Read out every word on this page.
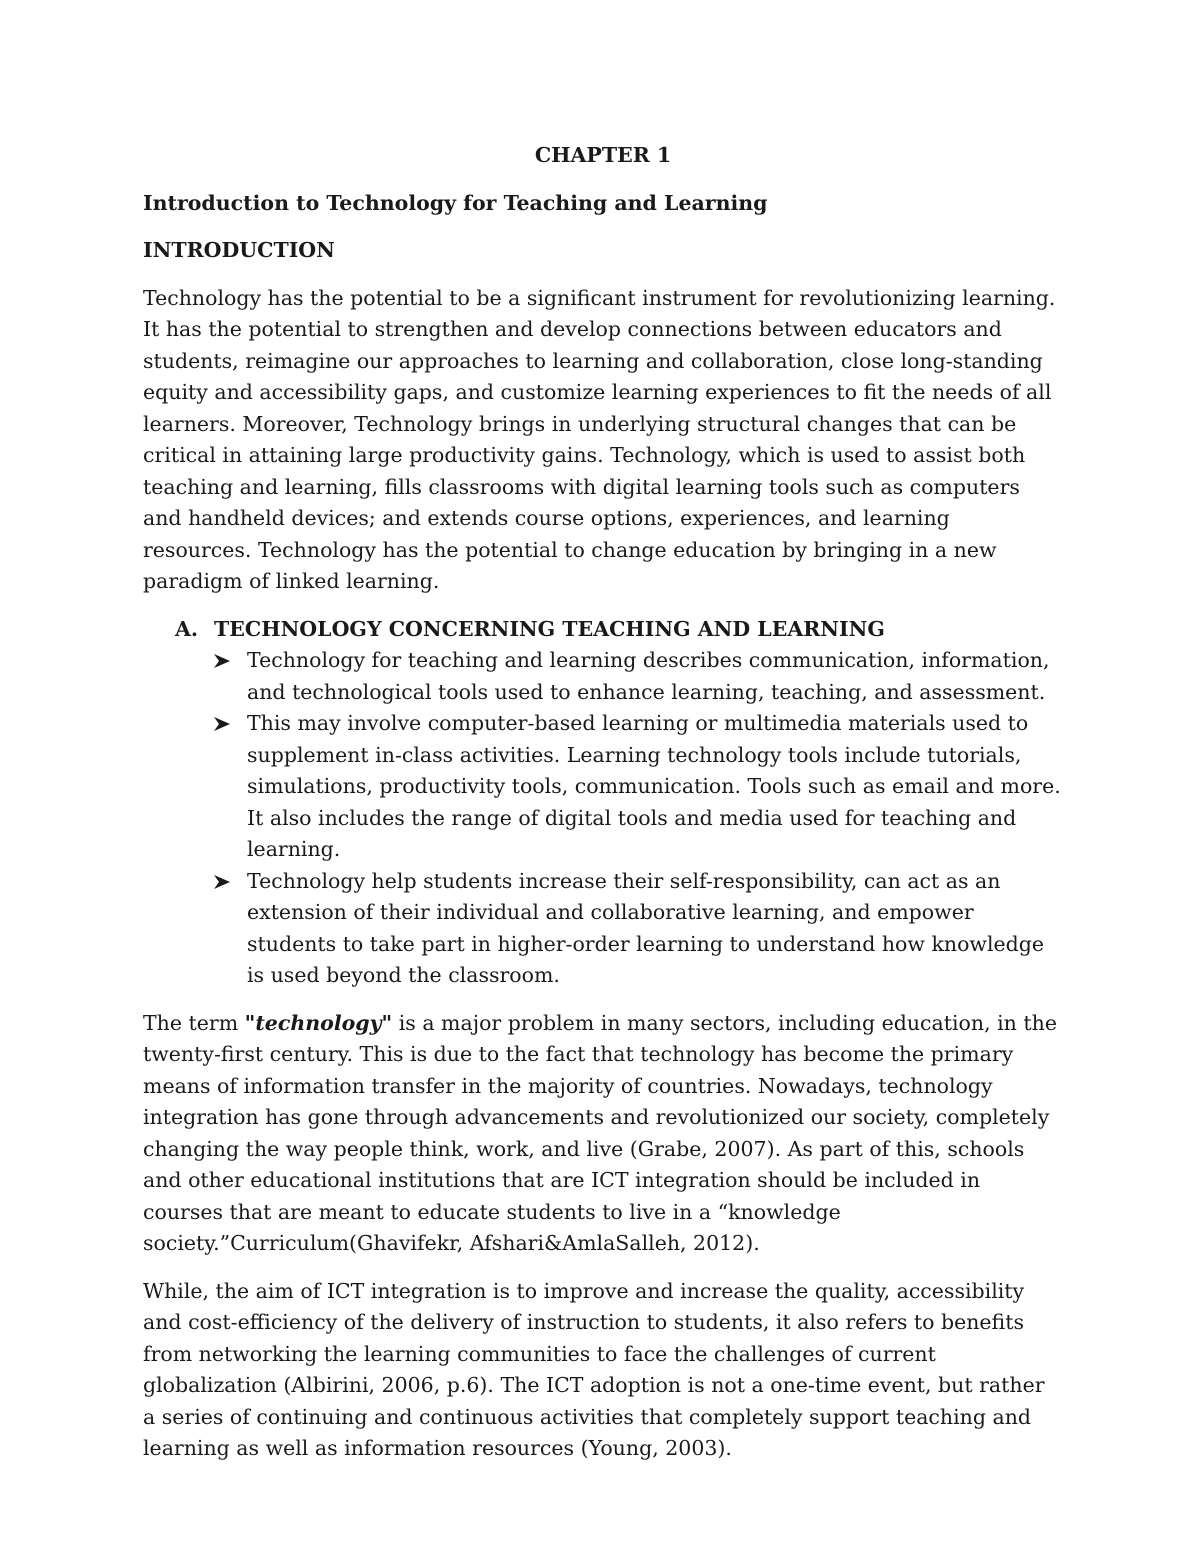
CHAPTER 1

Introduction to Technology for Teaching and Learning

INTRODUCTION

Technology has the potential to be a significant instrument for revolutionizing learning. It has the potential to strengthen and develop connections between educators and students, reimagine our approaches to learning and collaboration, close long-standing equity and accessibility gaps, and customize learning experiences to fit the needs of all learners. Moreover, Technology brings in underlying structural changes that can be critical in attaining large productivity gains. Technology, which is used to assist both teaching and learning, fills classrooms with digital learning tools such as computers and handheld devices; and extends course options, experiences, and learning resources. Technology has the potential to change education by bringing in a new paradigm of linked learning.

A. TECHNOLOGY CONCERNING TEACHING AND LEARNING

Technology for teaching and learning describes communication, information, and technological tools used to enhance learning, teaching, and assessment.
This may involve computer-based learning or multimedia materials used to supplement in-class activities. Learning technology tools include tutorials, simulations, productivity tools, communication. Tools such as email and more. It also includes the range of digital tools and media used for teaching and learning.
Technology help students increase their self-responsibility, can act as an extension of their individual and collaborative learning, and empower students to take part in higher-order learning to understand how knowledge is used beyond the classroom.

The term "technology" is a major problem in many sectors, including education, in the twenty-first century. This is due to the fact that technology has become the primary means of information transfer in the majority of countries. Nowadays, technology integration has gone through advancements and revolutionized our society, completely changing the way people think, work, and live (Grabe, 2007). As part of this, schools and other educational institutions that are ICT integration should be included in courses that are meant to educate students to live in a “knowledge society.”Curriculum(Ghavifekr, Afshari&AmlaSalleh, 2012).

While, the aim of ICT integration is to improve and increase the quality, accessibility and cost-efficiency of the delivery of instruction to students, it also refers to benefits from networking the learning communities to face the challenges of current globalization (Albirini, 2006, p.6). The ICT adoption is not a one-time event, but rather a series of continuing and continuous activities that completely support teaching and learning as well as information resources (Young, 2003).
